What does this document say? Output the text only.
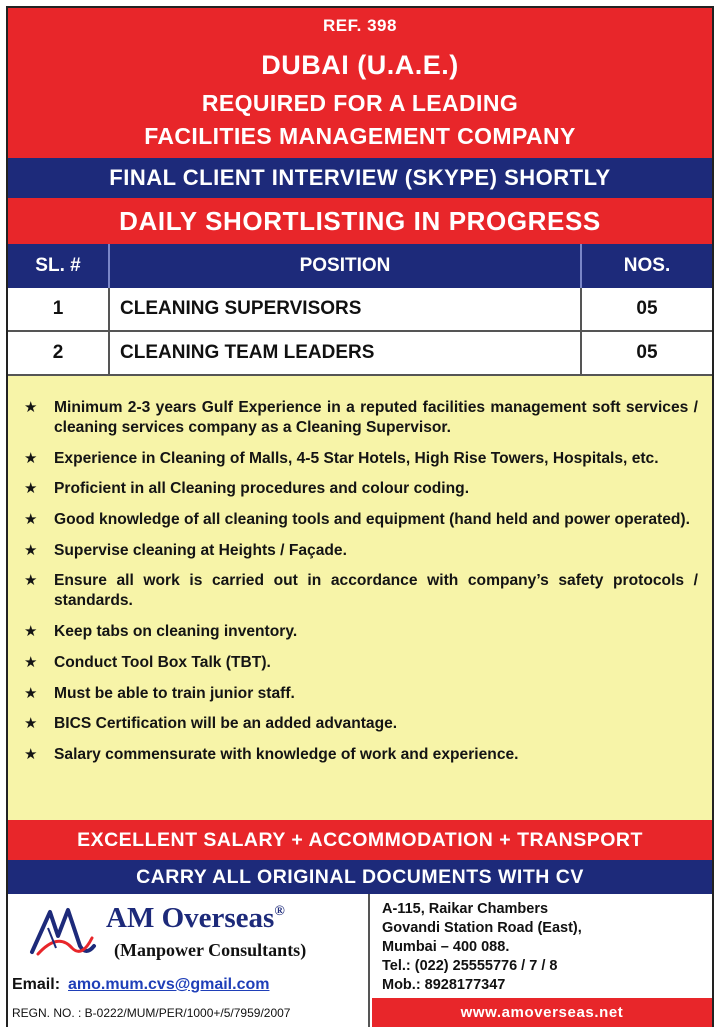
REF. 398
DUBAI (U.A.E.)
REQUIRED FOR A LEADING
FACILITIES MANAGEMENT COMPANY
FINAL CLIENT INTERVIEW (SKYPE) SHORTLY
DAILY SHORTLISTING IN PROGRESS
SL. #	POSITION	NOS.
1	CLEANING SUPERVISORS	05
2	CLEANING TEAM LEADERS	05
★ Minimum 2-3 years Gulf Experience in a reputed facilities management soft services / cleaning services company as a Cleaning Supervisor.
★ Experience in Cleaning of Malls, 4-5 Star Hotels, High Rise Towers, Hospitals, etc.
★ Proficient in all Cleaning procedures and colour coding.
★ Good knowledge of all cleaning tools and equipment (hand held and power operated).
★ Supervise cleaning at Heights / Façade.
★ Ensure all work is carried out in accordance with company’s safety protocols / standards.
★ Keep tabs on cleaning inventory.
★ Conduct Tool Box Talk (TBT).
★ Must be able to train junior staff.
★ BICS Certification will be an added advantage.
★ Salary commensurate with knowledge of work and experience.
EXCELLENT SALARY + ACCOMMODATION + TRANSPORT
CARRY ALL ORIGINAL DOCUMENTS WITH CV
AM Overseas®
(Manpower Consultants)
Email: amo.mum.cvs@gmail.com
REGN. NO. : B-0222/MUM/PER/1000+/5/7959/2007
A-115, Raikar Chambers
Govandi Station Road (East),
Mumbai – 400 088.
Tel.: (022) 25555776 / 7 / 8
Mob.: 8928177347
www.amoverseas.net
